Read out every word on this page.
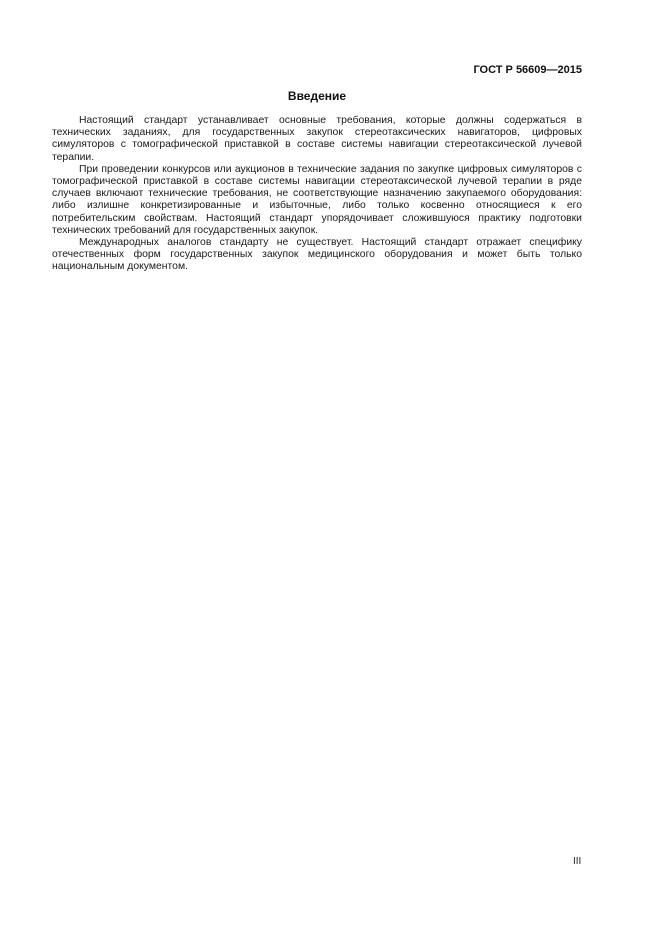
ГОСТ Р 56609—2015
Введение

Настоящий стандарт устанавливает основные требования, которые должны содержаться в технических заданиях, для государственных закупок стереотаксических навигаторов, цифровых симуляторов с томографической приставкой в составе системы навигации стереотаксической лучевой терапии.

При проведении конкурсов или аукционов в технические задания по закупке цифровых симуляторов с томографической приставкой в составе системы навигации стереотаксической лучевой терапии в ряде случаев включают технические требования, не соответствующие назначению закупаемого оборудования: либо излишне конкретизированные и избыточные, либо только косвенно относящиеся к его потребительским свойствам. Настоящий стандарт упорядочивает сложившуюся практику подготовки технических требований для государственных закупок.

Международных аналогов стандарту не существует. Настоящий стандарт отражает специфику отечественных форм государственных закупок медицинского оборудования и может быть только национальным документом.

III
